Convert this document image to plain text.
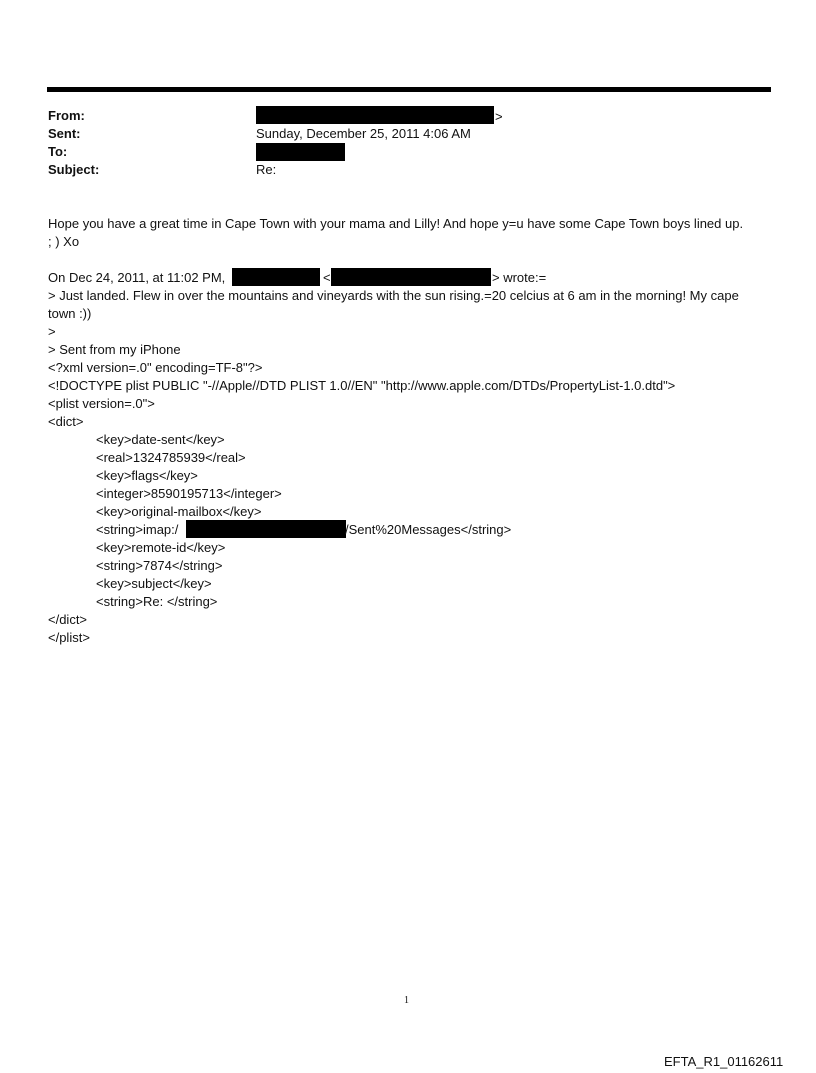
From:	>
Sent:	Sunday, December 25, 2011 4:06 AM
To:
Subject:	Re:
Hope you have a great time in Cape Town with your mama and Lilly! And hope y=u have some Cape Town boys lined up.
; ) Xo
On Dec 24, 2011, at 11:02 PM,	<	> wrote:=
> Just landed. Flew in over the mountains and vineyards with the sun rising.=20 celcius at 6 am in the morning! My cape
town :))
>
> Sent from my iPhone
<?xml version=.0" encoding=TF-8"?>
<!DOCTYPE plist PUBLIC "-//Apple//DTD PLIST 1.0//EN" "http://www.apple.com/DTDs/PropertyList-1.0.dtd">
<plist version=.0">
<dict>
<key>date-sent</key>
<real>1324785939</real>
<key>flags</key>
<integer>8590195713</integer>
<key>original-mailbox</key>
<string>imap:/	/Sent%20Messages</string>
<key>remote-id</key>
<string>7874</string>
<key>subject</key>
<string>Re: </string>
</dict>
</plist>
1
EFTA_R1_01162611
